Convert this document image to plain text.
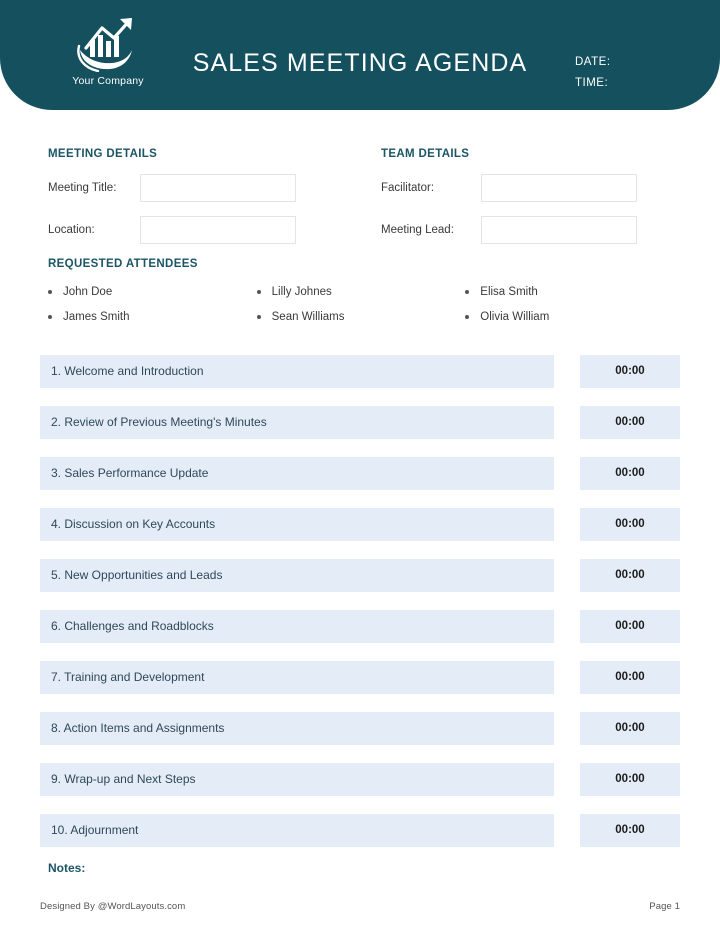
Your Company
SALES MEETING AGENDA	DATE:
TIME:
MEETING DETAILS
Meeting Title:
Location:
TEAM DETAILS
Facilitator:
Meeting Lead:
REQUESTED ATTENDEES
John Doe
James Smith
Lilly Johnes
Sean Williams
Elisa Smith
Olivia William
1. Welcome and Introduction	00:00
2. Review of Previous Meeting's Minutes	00:00
3. Sales Performance Update	00:00
4. Discussion on Key Accounts	00:00
5. New Opportunities and Leads	00:00
6. Challenges and Roadblocks	00:00
7. Training and Development	00:00
8. Action Items and Assignments	00:00
9. Wrap-up and Next Steps	00:00
10. Adjournment	00:00
Notes:
Designed By @WordLayouts.com	Page 1
